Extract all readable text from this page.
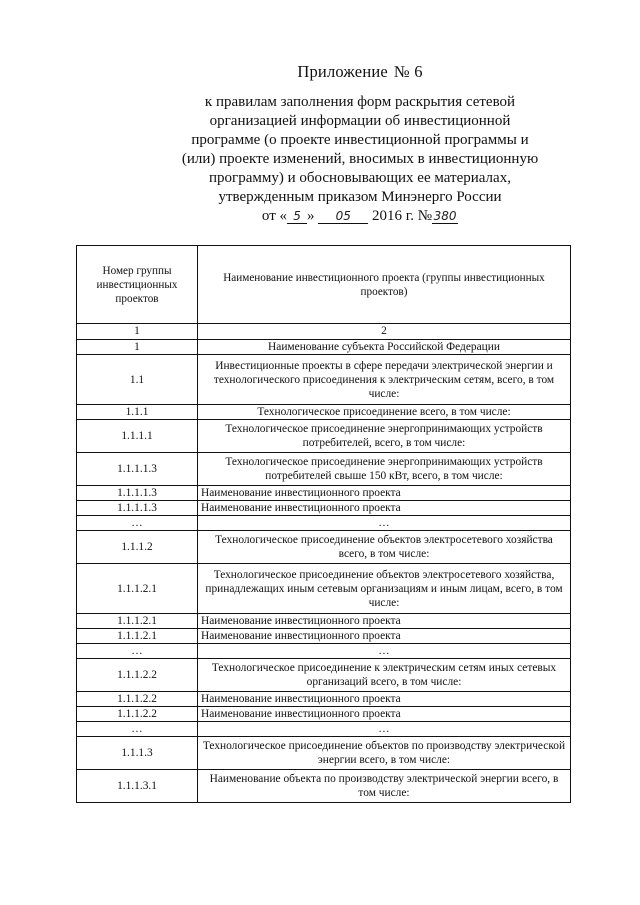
Приложение № 6
к правилам заполнения форм раскрытия сетевой
организацией информации об инвестиционной
программе (о проекте инвестиционной программы и
(или) проекте изменений, вносимых в инвестиционную
программу) и обосновывающих ее материалах,
утвержденным приказом Минэнерго России
от « 5 » 05 2016 г. № 380
Номер группы инвестиционных проектов	Наименование инвестиционного проекта (группы инвестиционных проектов)
1	2
1	Наименование субъекта Российской Федерации
1.1	Инвестиционные проекты в сфере передачи электрической энергии и технологического присоединения к электрическим сетям, всего, в том числе:
1.1.1	Технологическое присоединение всего, в том числе:
1.1.1.1	Технологическое присоединение энергопринимающих устройств потребителей, всего, в том числе:
1.1.1.1.3	Технологическое присоединение энергопринимающих устройств потребителей свыше 150 кВт, всего, в том числе:
1.1.1.1.3	Наименование инвестиционного проекта
1.1.1.1.3	Наименование инвестиционного проекта
…	…
1.1.1.2	Технологическое присоединение объектов электросетевого хозяйства всего, в том числе:
1.1.1.2.1	Технологическое присоединение объектов электросетевого хозяйства, принадлежащих иным сетевым организациям и иным лицам, всего, в том числе:
1.1.1.2.1	Наименование инвестиционного проекта
1.1.1.2.1	Наименование инвестиционного проекта
…	…
1.1.1.2.2	Технологическое присоединение к электрическим сетям иных сетевых организаций всего, в том числе:
1.1.1.2.2	Наименование инвестиционного проекта
1.1.1.2.2	Наименование инвестиционного проекта
…	…
1.1.1.3	Технологическое присоединение объектов по производству электрической энергии всего, в том числе:
1.1.1.3.1	Наименование объекта по производству электрической энергии всего, в том числе:
